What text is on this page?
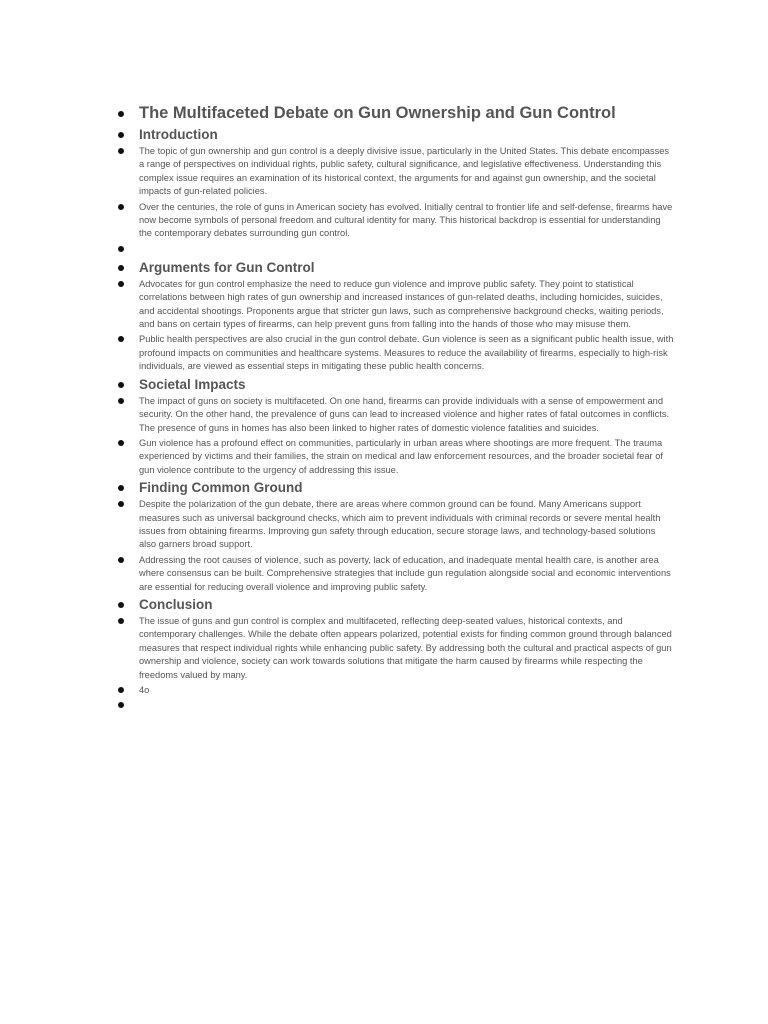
The Multifaceted Debate on Gun Ownership and Gun Control
Introduction
The topic of gun ownership and gun control is a deeply divisive issue, particularly in the United States. This debate encompasses a range of perspectives on individual rights, public safety, cultural significance, and legislative effectiveness. Understanding this complex issue requires an examination of its historical context, the arguments for and against gun ownership, and the societal impacts of gun-related policies.
Over the centuries, the role of guns in American society has evolved. Initially central to frontier life and self-defense, firearms have now become symbols of personal freedom and cultural identity for many. This historical backdrop is essential for understanding the contemporary debates surrounding gun control.
Arguments for Gun Control
Advocates for gun control emphasize the need to reduce gun violence and improve public safety. They point to statistical correlations between high rates of gun ownership and increased instances of gun-related deaths, including homicides, suicides, and accidental shootings. Proponents argue that stricter gun laws, such as comprehensive background checks, waiting periods, and bans on certain types of firearms, can help prevent guns from falling into the hands of those who may misuse them.
Public health perspectives are also crucial in the gun control debate. Gun violence is seen as a significant public health issue, with profound impacts on communities and healthcare systems. Measures to reduce the availability of firearms, especially to high-risk individuals, are viewed as essential steps in mitigating these public health concerns.
Societal Impacts
The impact of guns on society is multifaceted. On one hand, firearms can provide individuals with a sense of empowerment and security. On the other hand, the prevalence of guns can lead to increased violence and higher rates of fatal outcomes in conflicts. The presence of guns in homes has also been linked to higher rates of domestic violence fatalities and suicides.
Gun violence has a profound effect on communities, particularly in urban areas where shootings are more frequent. The trauma experienced by victims and their families, the strain on medical and law enforcement resources, and the broader societal fear of gun violence contribute to the urgency of addressing this issue.
Finding Common Ground
Despite the polarization of the gun debate, there are areas where common ground can be found. Many Americans support measures such as universal background checks, which aim to prevent individuals with criminal records or severe mental health issues from obtaining firearms. Improving gun safety through education, secure storage laws, and technology-based solutions also garners broad support.
Addressing the root causes of violence, such as poverty, lack of education, and inadequate mental health care, is another area where consensus can be built. Comprehensive strategies that include gun regulation alongside social and economic interventions are essential for reducing overall violence and improving public safety.
Conclusion
The issue of guns and gun control is complex and multifaceted, reflecting deep-seated values, historical contexts, and contemporary challenges. While the debate often appears polarized, potential exists for finding common ground through balanced measures that respect individual rights while enhancing public safety. By addressing both the cultural and practical aspects of gun ownership and violence, society can work towards solutions that mitigate the harm caused by firearms while respecting the freedoms valued by many.
4o
